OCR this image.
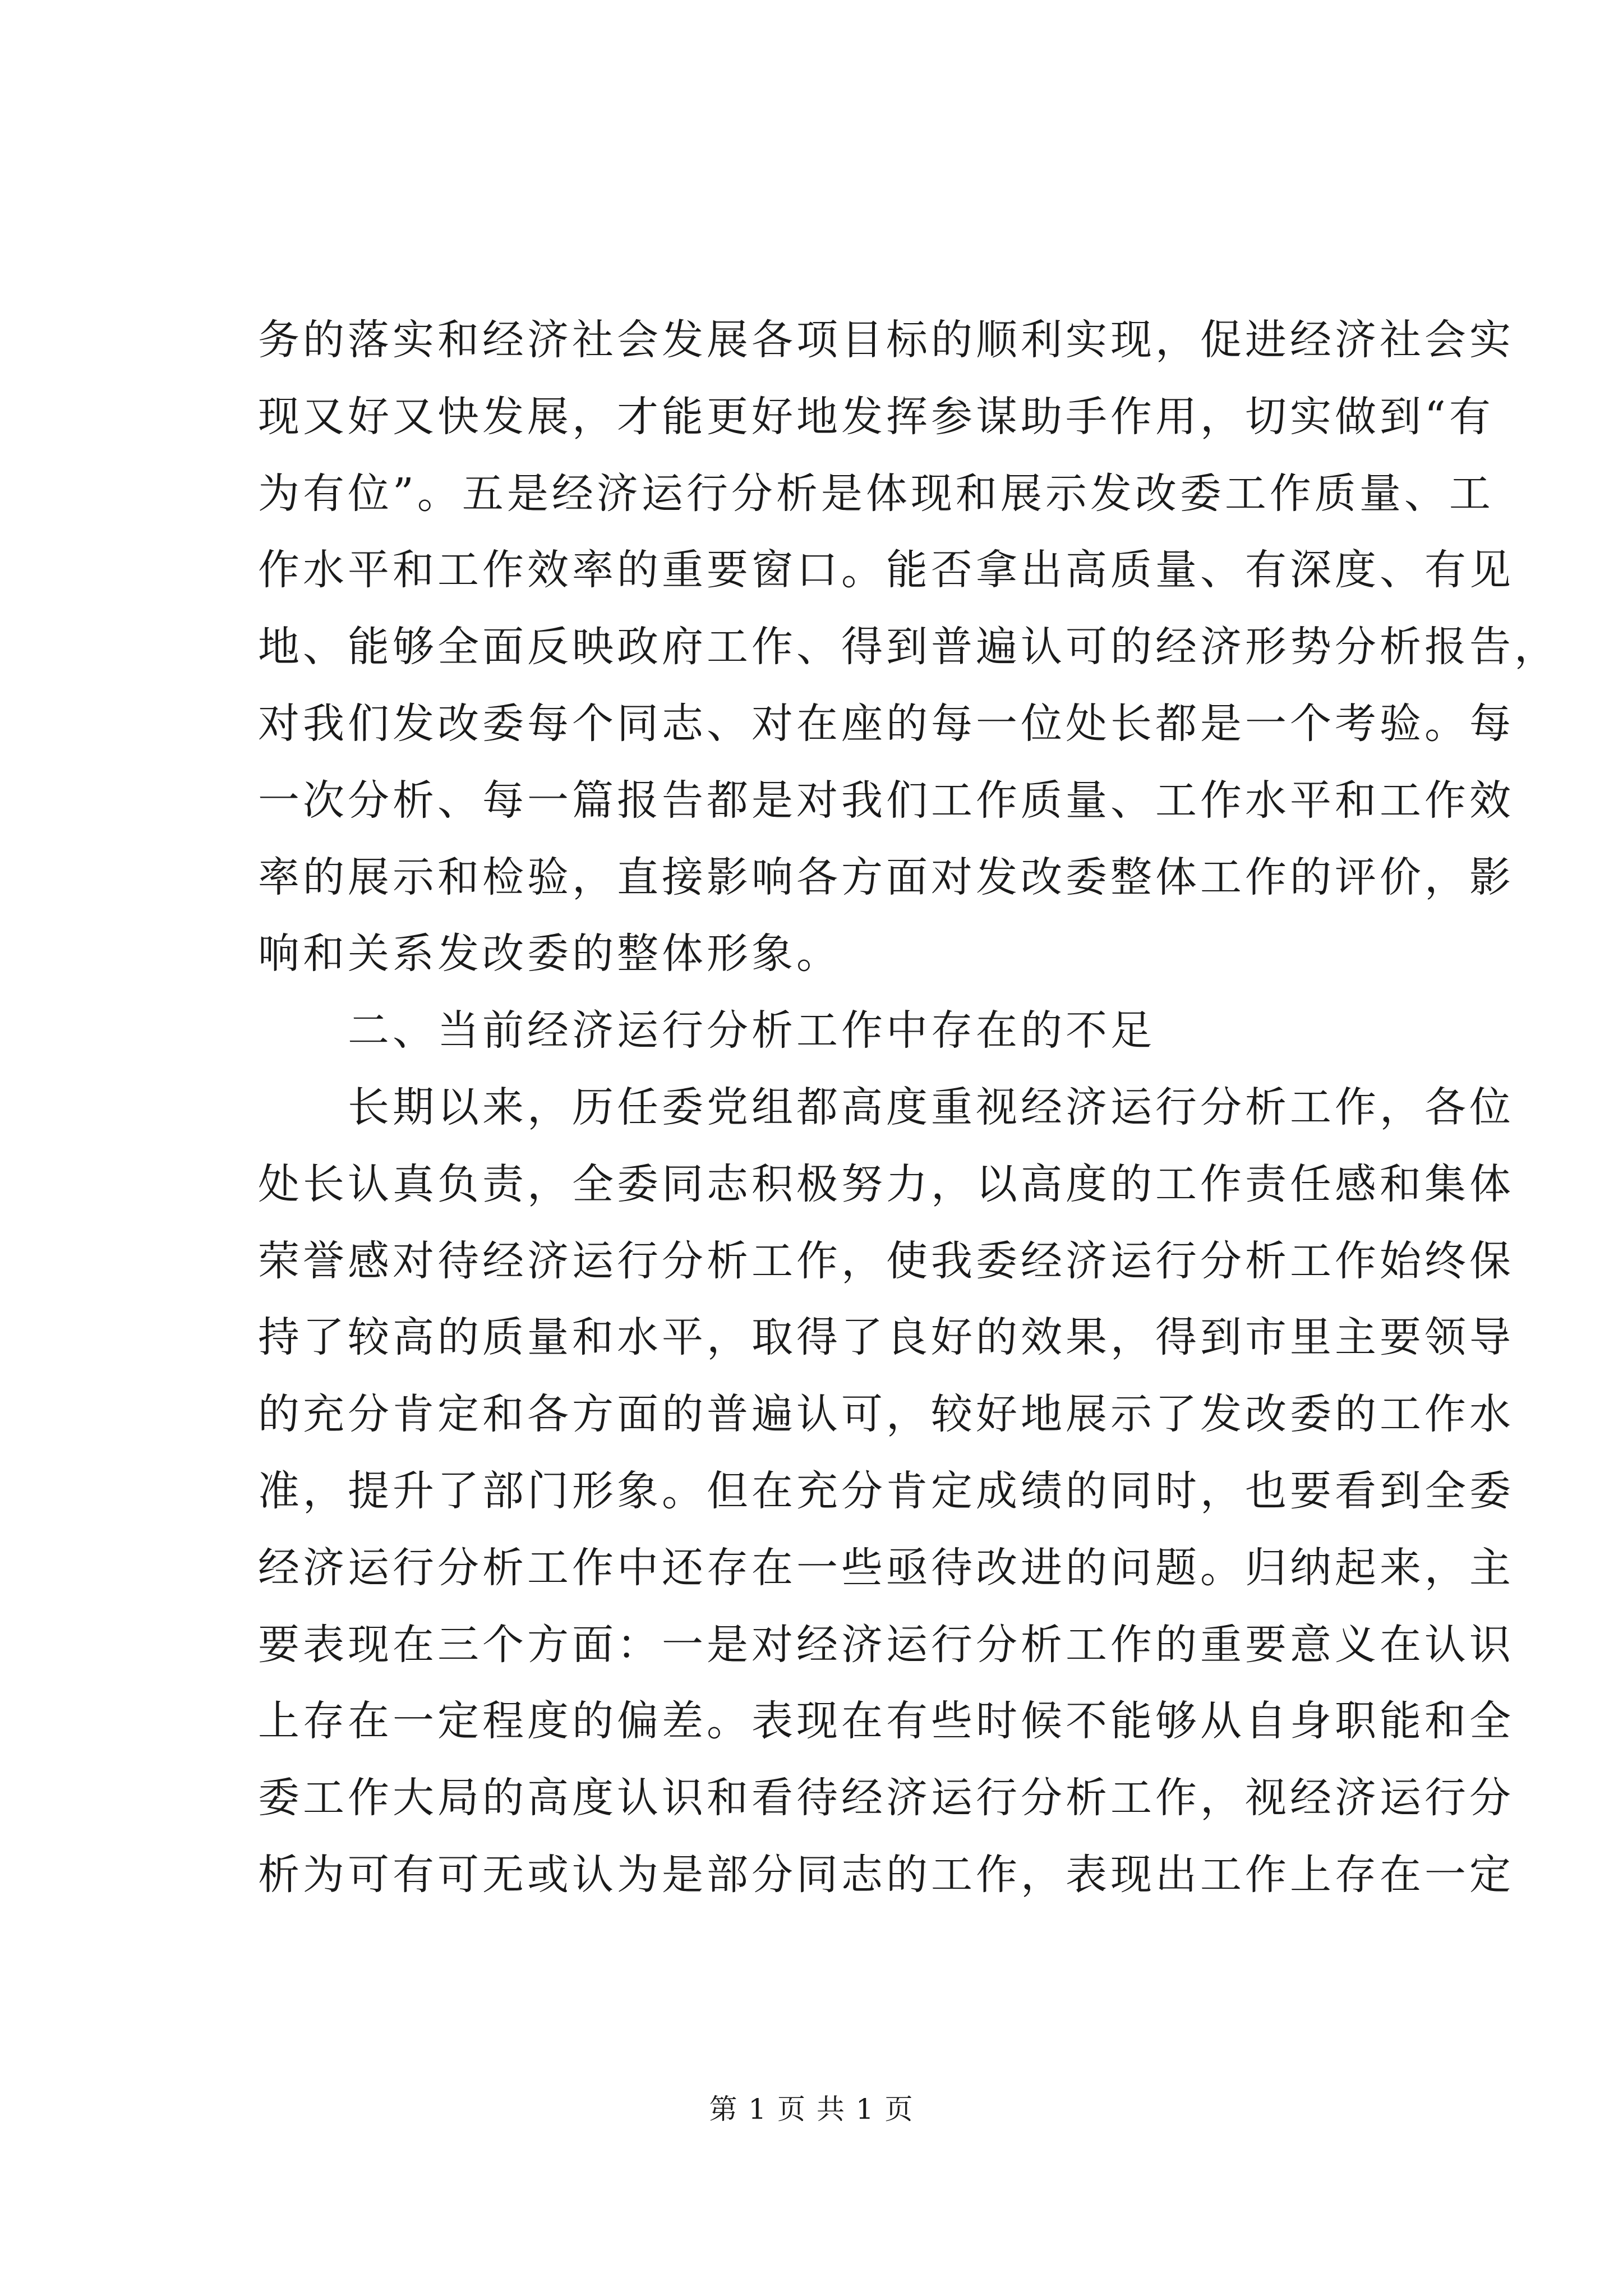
务的落实和经济社会发展各项目标的顺利实现，促进经济社会实
现又好又快发展，才能更好地发挥参谋助手作用，切实做到“有
为有位”。五是经济运行分析是体现和展示发改委工作质量、工
作水平和工作效率的重要窗口。能否拿出高质量、有深度、有见
地、能够全面反映政府工作、得到普遍认可的经济形势分析报告，
对我们发改委每个同志、对在座的每一位处长都是一个考验。每
一次分析、每一篇报告都是对我们工作质量、工作水平和工作效
率的展示和检验，直接影响各方面对发改委整体工作的评价，影
响和关系发改委的整体形象。

二、当前经济运行分析工作中存在的不足

长期以来，历任委党组都高度重视经济运行分析工作，各位
处长认真负责，全委同志积极努力，以高度的工作责任感和集体
荣誉感对待经济运行分析工作，使我委经济运行分析工作始终保
持了较高的质量和水平，取得了良好的效果，得到市里主要领导
的充分肯定和各方面的普遍认可，较好地展示了发改委的工作水
准，提升了部门形象。但在充分肯定成绩的同时，也要看到全委
经济运行分析工作中还存在一些亟待改进的问题。归纳起来，主
要表现在三个方面：一是对经济运行分析工作的重要意义在认识
上存在一定程度的偏差。表现在有些时候不能够从自身职能和全
委工作大局的高度认识和看待经济运行分析工作，视经济运行分
析为可有可无或认为是部分同志的工作，表现出工作上存在一定

第 1 页 共 1 页
